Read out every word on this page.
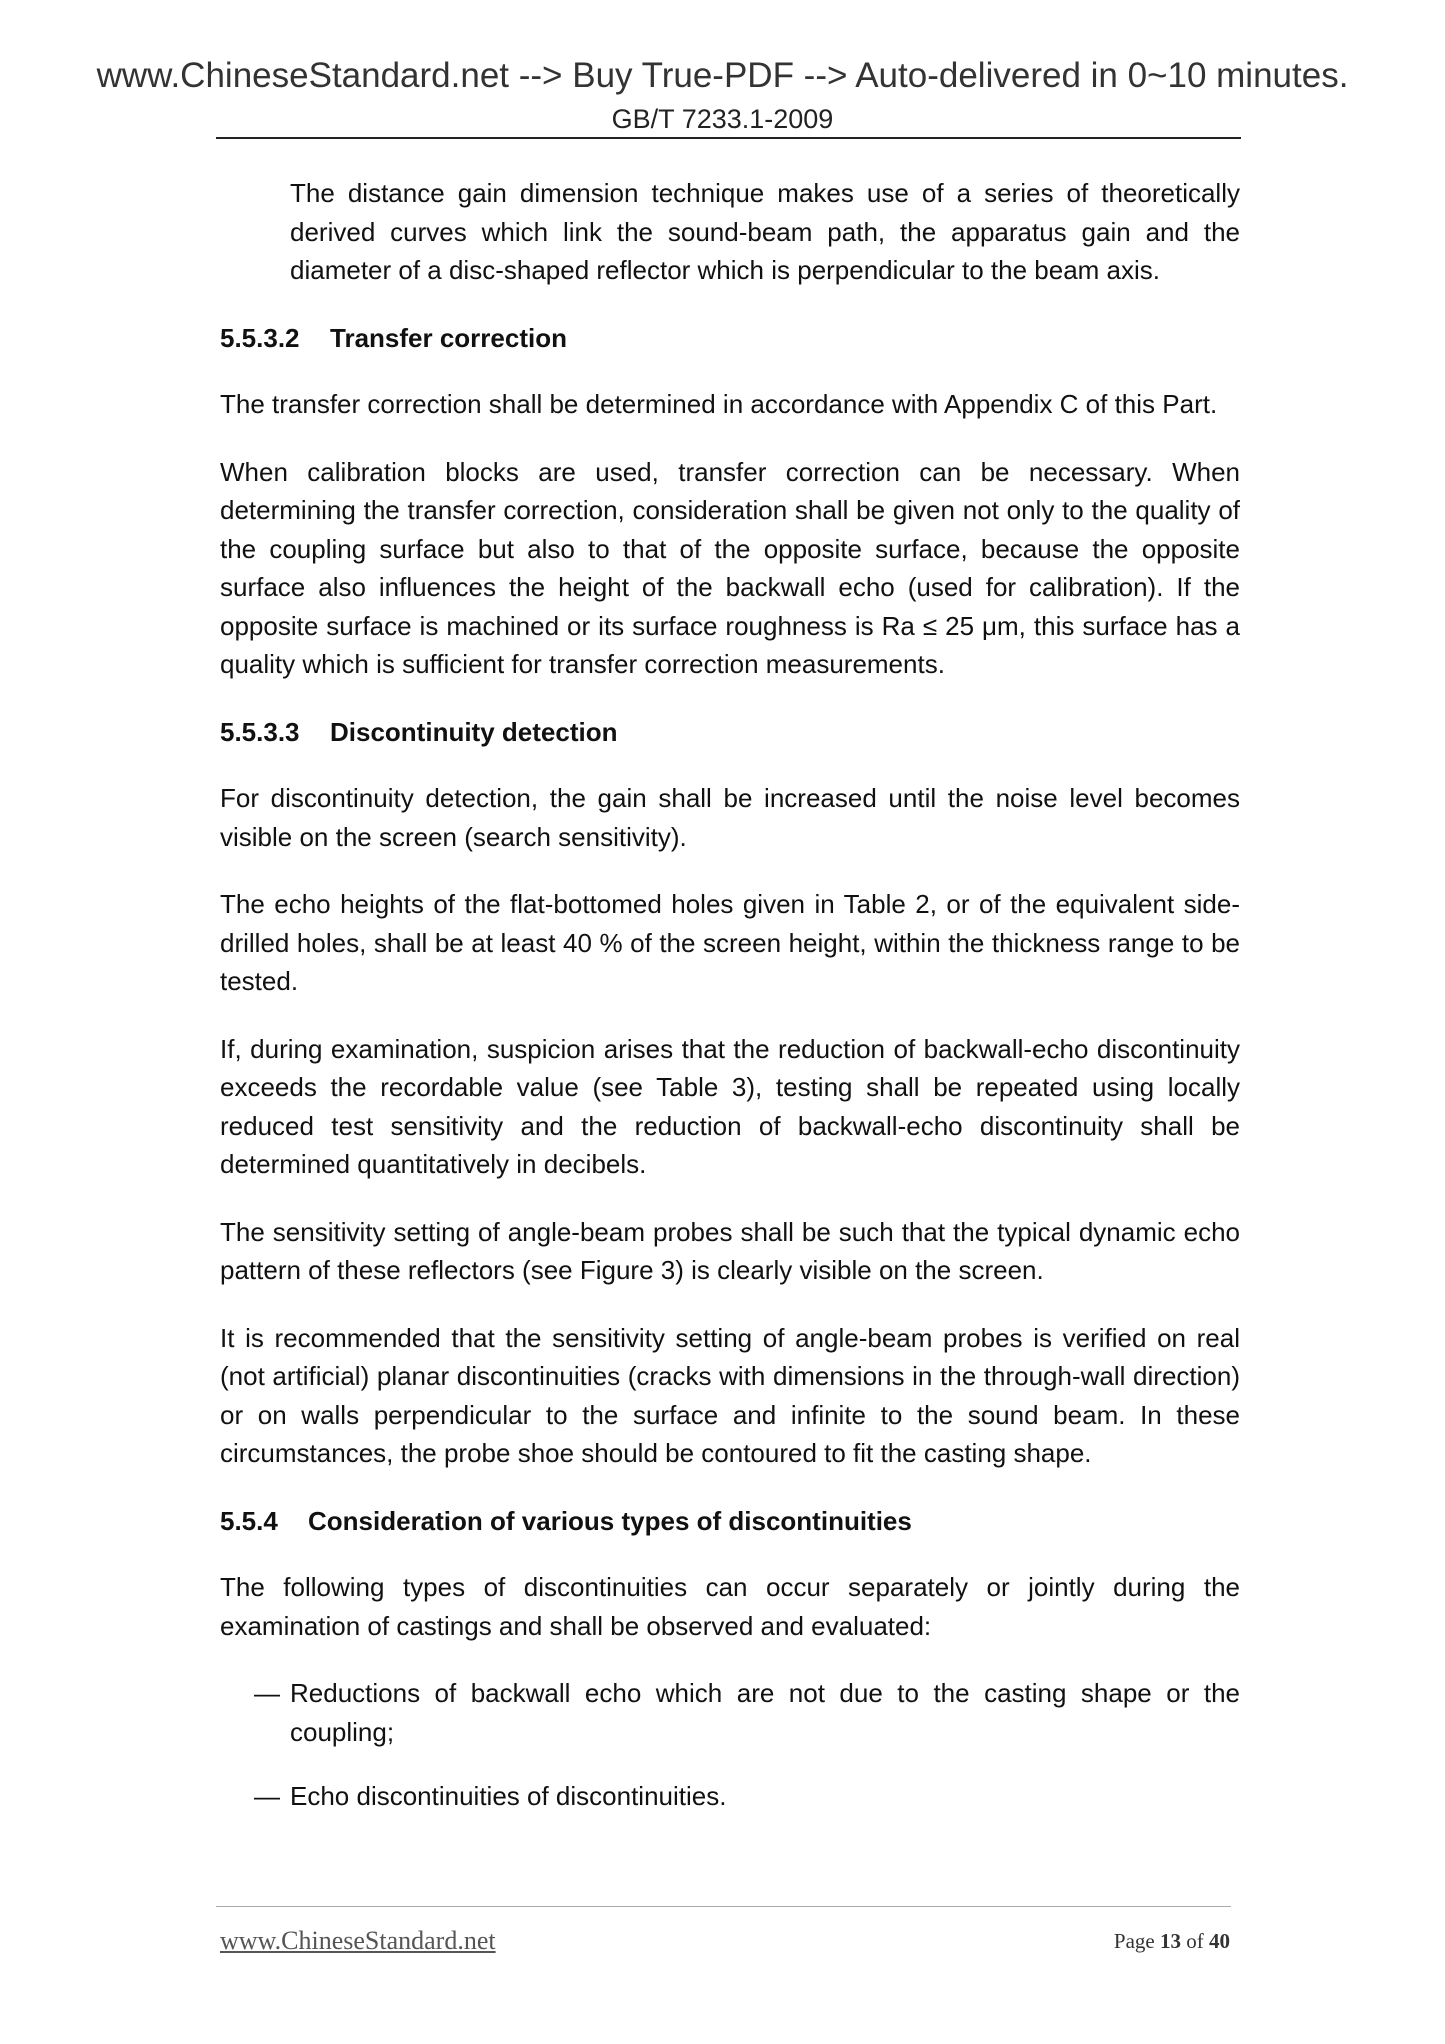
www.ChineseStandard.net --> Buy True-PDF --> Auto-delivered in 0~10 minutes.
GB/T 7233.1-2009

The distance gain dimension technique makes use of a series of theoretically derived curves which link the sound-beam path, the apparatus gain and the diameter of a disc-shaped reflector which is perpendicular to the beam axis.

5.5.3.2 Transfer correction

The transfer correction shall be determined in accordance with Appendix C of this Part.

When calibration blocks are used, transfer correction can be necessary. When determining the transfer correction, consideration shall be given not only to the quality of the coupling surface but also to that of the opposite surface, because the opposite surface also influences the height of the backwall echo (used for calibration). If the opposite surface is machined or its surface roughness is Ra ≤ 25 μm, this surface has a quality which is sufficient for transfer correction measurements.

5.5.3.3 Discontinuity detection

For discontinuity detection, the gain shall be increased until the noise level becomes visible on the screen (search sensitivity).

The echo heights of the flat-bottomed holes given in Table 2, or of the equivalent side-drilled holes, shall be at least 40 % of the screen height, within the thickness range to be tested.

If, during examination, suspicion arises that the reduction of backwall-echo discontinuity exceeds the recordable value (see Table 3), testing shall be repeated using locally reduced test sensitivity and the reduction of backwall-echo discontinuity shall be determined quantitatively in decibels.

The sensitivity setting of angle-beam probes shall be such that the typical dynamic echo pattern of these reflectors (see Figure 3) is clearly visible on the screen.

It is recommended that the sensitivity setting of angle-beam probes is verified on real (not artificial) planar discontinuities (cracks with dimensions in the through-wall direction) or on walls perpendicular to the surface and infinite to the sound beam. In these circumstances, the probe shoe should be contoured to fit the casting shape.

5.5.4 Consideration of various types of discontinuities

The following types of discontinuities can occur separately or jointly during the examination of castings and shall be observed and evaluated:

— Reductions of backwall echo which are not due to the casting shape or the coupling;
— Echo discontinuities of discontinuities.
www.ChineseStandard.net	Page 13 of 40
